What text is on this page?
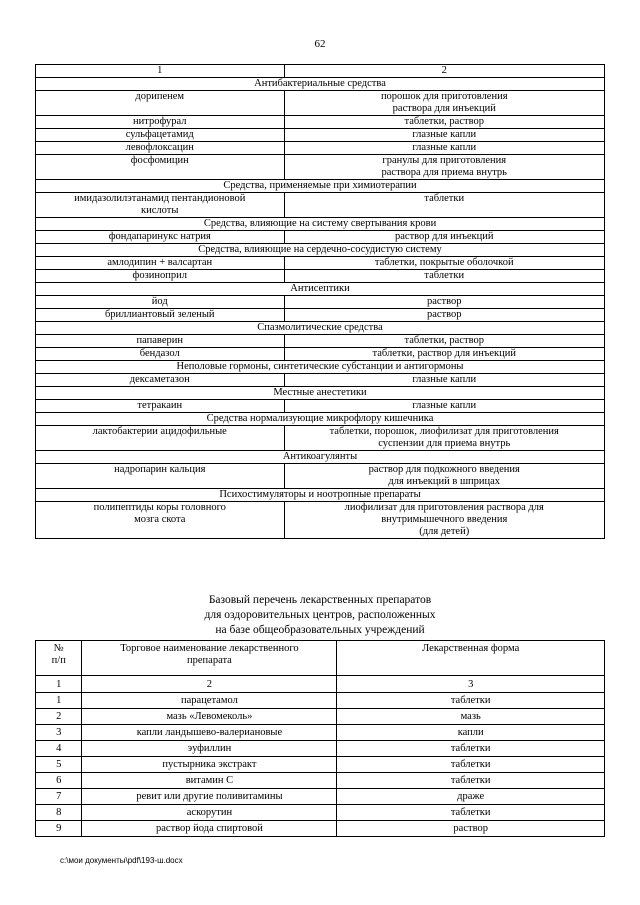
62
1	2
Антибактериальные средства	
дорипенем	порошок для приготовления
раствора для инъекций
нитрофурал	таблетки, раствор
сульфацетамид	глазные капли
левофлоксацин	глазные капли
фосфомицин	гранулы для приготовления
раствора для приема внутрь
Средства, применяемые при химиотерапии	
имидазолилэтанамид пентандионовой
кислоты	таблетки
Средства, влияющие на систему свертывания крови	
фондапаринукс натрия	раствор для инъекций
Средства, влияющие на сердечно-сосудистую систему	
амлодипин + валсартан	таблетки, покрытые оболочкой
фозиноприл	таблетки
Антисептики	
йод	раствор
бриллиантовый зеленый	раствор
Спазмолитические средства	
папаверин	таблетки, раствор
бендазол	таблетки, раствор для инъекций
Неполовые гормоны, синтетические субстанции и антигормоны	
дексаметазон	глазные капли
Местные анестетики	
тетракаин	глазные капли
Средства нормализующие микрофлору кишечника	
лактобактерии ацидофильные	таблетки, порошок, лиофилизат для приготовления
суспензии для приема внутрь
Антикоагулянты	
надропарин кальция	раствор для подкожного введения
для инъекций в шприцах
Психостимуляторы и ноотропные препараты	
полипептиды коры головного
мозга скота	лиофилизат для приготовления раствора для
внутримышечного введения
(для детей)
Базовый перечень лекарственных препаратов
для оздоровительных центров, расположенных
на базе общеобразовательных учреждений
№
п/п	Торговое наименование лекарственного
препарата	Лекарственная форма
1	2	3
1	парацетамол	таблетки
2	мазь «Левомеколь»	мазь
3	капли ландышево-валериановые	капли
4	эуфиллин	таблетки
5	пустырника экстракт	таблетки
6	витамин С	таблетки
7	ревит или другие поливитамины	драже
8	аскорутин	таблетки
9	раствор йода спиртовой	раствор
c:\мои документы\pdf\193-ш.docx
